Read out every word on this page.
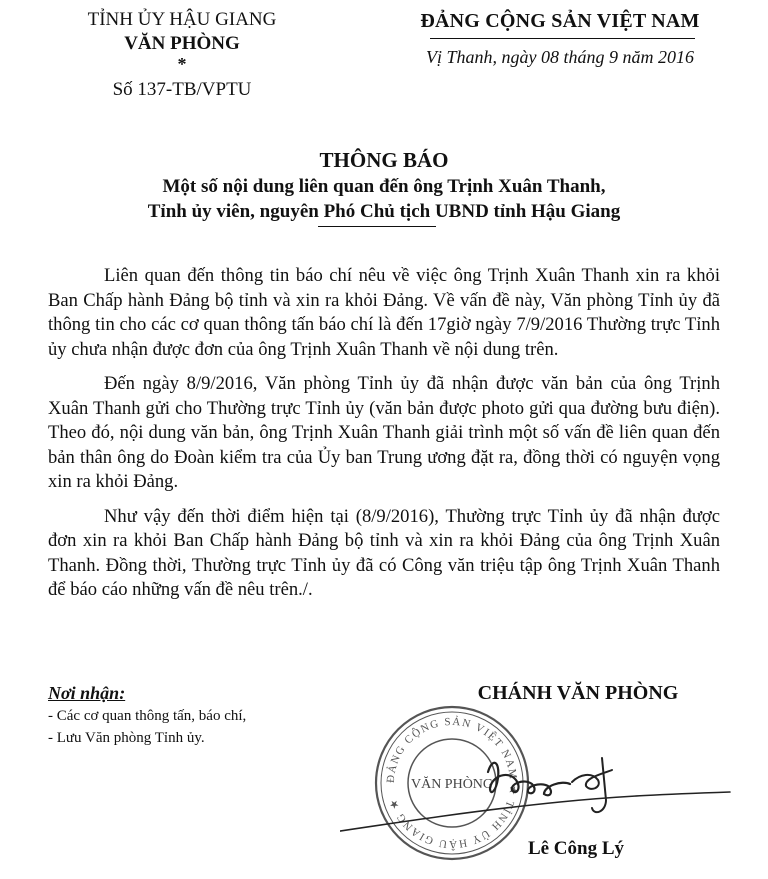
TỈNH ỦY HẬU GIANG
VĂN PHÒNG
*
Số 137-TB/VPTU
ĐẢNG CỘNG SẢN VIỆT NAM
Vị Thanh, ngày 08 tháng 9 năm 2016
THÔNG BÁO
Một số nội dung liên quan đến ông Trịnh Xuân Thanh,
Tỉnh ủy viên, nguyên Phó Chủ tịch UBND tỉnh Hậu Giang

Liên quan đến thông tin báo chí nêu về việc ông Trịnh Xuân Thanh xin ra khỏi Ban Chấp hành Đảng bộ tỉnh và xin ra khỏi Đảng. Về vấn đề này, Văn phòng Tỉnh ủy đã thông tin cho các cơ quan thông tấn báo chí là đến 17giờ ngày 7/9/2016 Thường trực Tỉnh ủy chưa nhận được đơn của ông Trịnh Xuân Thanh về nội dung trên.

Đến ngày 8/9/2016, Văn phòng Tỉnh ủy đã nhận được văn bản của ông Trịnh Xuân Thanh gửi cho Thường trực Tỉnh ủy (văn bản được photo gửi qua đường bưu điện). Theo đó, nội dung văn bản, ông Trịnh Xuân Thanh giải trình một số vấn đề liên quan đến bản thân ông do Đoàn kiểm tra của Ủy ban Trung ương đặt ra, đồng thời có nguyện vọng xin ra khỏi Đảng.

Như vậy đến thời điểm hiện tại (8/9/2016), Thường trực Tỉnh ủy đã nhận được đơn xin ra khỏi Ban Chấp hành Đảng bộ tỉnh và xin ra khỏi Đảng của ông Trịnh Xuân Thanh. Đồng thời, Thường trực Tỉnh ủy đã có Công văn triệu tập ông Trịnh Xuân Thanh để báo cáo những vấn đề nêu trên./.

Nơi nhận:
- Các cơ quan thông tấn, báo chí,
- Lưu Văn phòng Tỉnh ủy.
CHÁNH VĂN PHÒNG
ĐẢNG CỘNG SẢN VIỆT NAM ★ TỈNH ỦY HẬU GIANG ★
VĂN PHÒNG
Lê Công Lý
